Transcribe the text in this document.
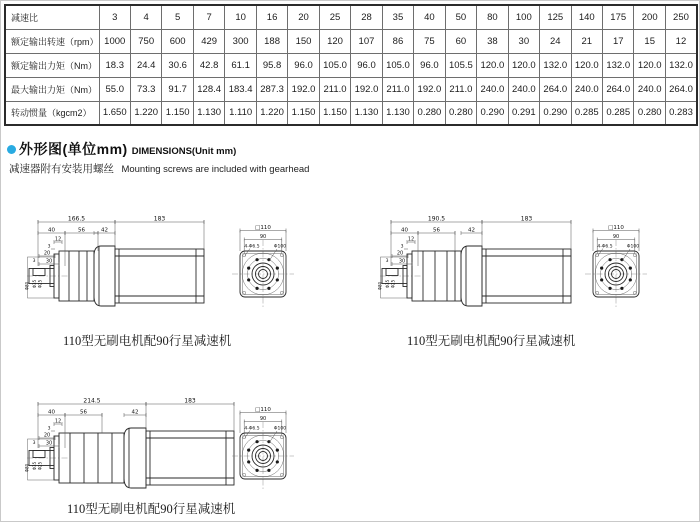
减速比	3	4	5	7	10	16	20	25	28	35	40	50	80	100	125	140	175	200	250
额定输出转速（rpm）	1000	750	600	429	300	188	150	120	107	86	75	60	38	30	24	21	17	15	12
额定输出力矩（Nm）	18.3	24.4	30.6	42.8	61.1	95.8	96.0	105.0	96.0	105.0	96.0	105.5	120.0	120.0	132.0	120.0	132.0	120.0	132.0
最大输出力矩（Nm）	55.0	73.3	91.7	128.4	183.4	287.3	192.0	211.0	192.0	211.0	192.0	211.0	240.0	240.0	264.0	240.0	264.0	240.0	264.0
转动惯量（kgcm2）	1.650	1.220	1.150	1.130	1.110	1.220	1.150	1.150	1.130	1.130	0.280	0.280	0.290	0.291	0.290	0.285	0.285	0.280	0.283
外形图(单位mm) DIMENSIONS(Unit mm)
减速器附有安装用螺丝 Mounting screws are included with gearhead
166.5	183
40	56	42
12
3
20
3 30
Φ80 Φ35 Φ25
□110
90
4-Φ6.5	Φ100
190.5	183
40	56	42
12
3
20
3 30
Φ80 Φ35 Φ25
□110
90
4-Φ6.5	Φ100
214.5	183
40	56	42
12
3
20
3 30
Φ80 Φ35 Φ25
□110
90
4-Φ6.5	Φ100
110型无刷电机配90行星减速机	110型无刷电机配90行星减速机
110型无刷电机配90行星减速机
